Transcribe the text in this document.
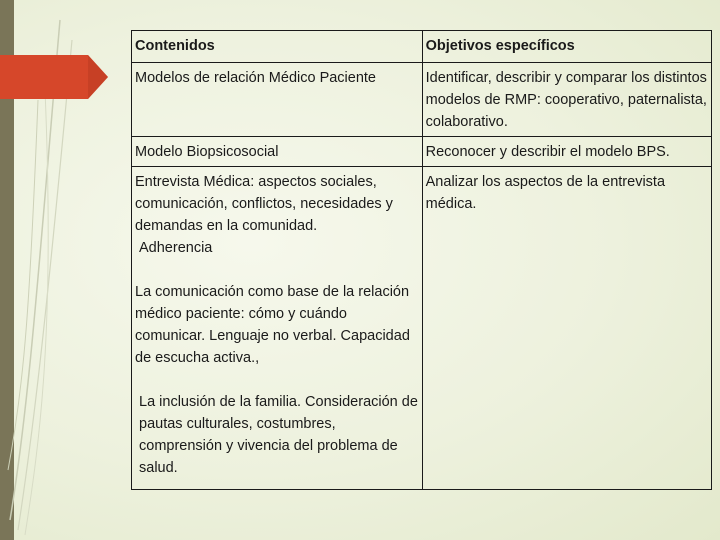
Contenidos	Objetivos específicos
Modelos de relación Médico Paciente	Identificar, describir y comparar los distintos modelos de RMP: cooperativo, paternalista, colaborativo.
Modelo Biopsicosocial	Reconocer y describir el modelo BPS.

Entrevista Médica: aspectos sociales, comunicación, conflictos, necesidades y demandas en la comunidad.
Adherencia
La comunicación como base de la relación médico paciente: cómo y cuándo comunicar. Lenguaje no verbal. Capacidad de escucha activa.,
La inclusión de la familia. Consideración de pautas culturales, costumbres, comprensión y vivencia del problema de salud.	Analizar los aspectos de la entrevista médica.
